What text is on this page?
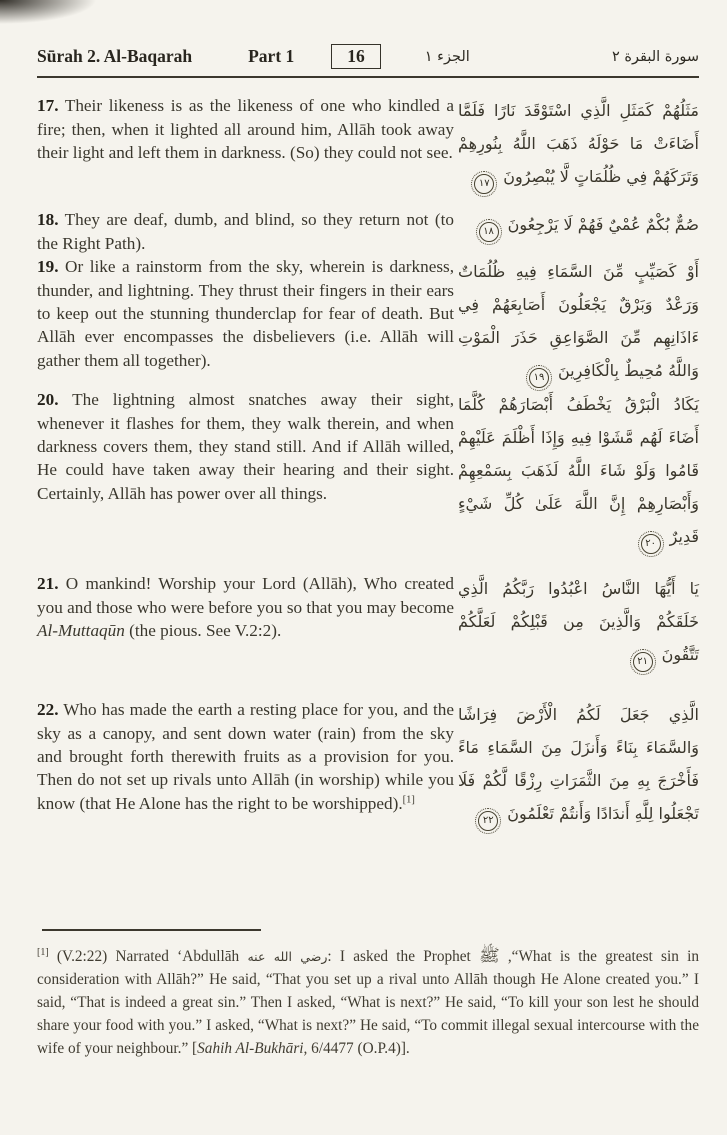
Sūrah 2. Al-Baqarah	Part 1	16	الجزء ١	سورة البقرة ٢
17. Their likeness is as the likeness of one who kindled a fire; then, when it lighted all around him, Allāh took away their light and left them in darkness. (So) they could not see.
مَثَلُهُمْ كَمَثَلِ الَّذِي اسْتَوْقَدَ نَارًا فَلَمَّا أَضَاءَتْ مَا حَوْلَهُ ذَهَبَ اللَّهُ بِنُورِهِمْ وَتَرَكَهُمْ فِي ظُلُمَاتٍ لَّا يُبْصِرُونَ
١٧
18. They are deaf, dumb, and blind, so they return not (to the Right Path).
صُمٌّ بُكْمٌ عُمْيٌ فَهُمْ لَا يَرْجِعُونَ
١٨
19. Or like a rainstorm from the sky, wherein is darkness, thunder, and lightning. They thrust their fingers in their ears to keep out the stunning thunderclap for fear of death. But Allāh ever encompasses the disbelievers (i.e. Allāh will gather them all together).
أَوْ كَصَيِّبٍ مِّنَ السَّمَاءِ فِيهِ ظُلُمَاتٌ وَرَعْدٌ وَبَرْقٌ يَجْعَلُونَ أَصَابِعَهُمْ فِي ءَاذَانِهِم مِّنَ الصَّوَاعِقِ حَذَرَ الْمَوْتِ وَاللَّهُ مُحِيطٌ بِالْكَافِرِينَ
١٩
20. The lightning almost snatches away their sight, whenever it flashes for them, they walk therein, and when darkness covers them, they stand still. And if Allāh willed, He could have taken away their hearing and their sight. Certainly, Allāh has power over all things.
يَكَادُ الْبَرْقُ يَخْطَفُ أَبْصَارَهُمْ كُلَّمَا أَضَاءَ لَهُم مَّشَوْا فِيهِ وَإِذَا أَظْلَمَ عَلَيْهِمْ قَامُوا وَلَوْ شَاءَ اللَّهُ لَذَهَبَ بِسَمْعِهِمْ وَأَبْصَارِهِمْ إِنَّ اللَّهَ عَلَىٰ كُلِّ شَيْءٍ قَدِيرٌ
٢٠
21. O mankind! Worship your Lord (Allāh), Who created you and those who were before you so that you may become Al-Muttaqūn (the pious. See V.2:2).
يَا أَيُّهَا النَّاسُ اعْبُدُوا رَبَّكُمُ الَّذِي خَلَقَكُمْ وَالَّذِينَ مِن قَبْلِكُمْ لَعَلَّكُمْ تَتَّقُونَ
٢١
22. Who has made the earth a resting place for you, and the sky as a canopy, and sent down water (rain) from the sky and brought forth therewith fruits as a provision for you. Then do not set up rivals unto Allāh (in worship) while you know (that He Alone has the right to be worshipped).[1]
الَّذِي جَعَلَ لَكُمُ الْأَرْضَ فِرَاشًا وَالسَّمَاءَ بِنَاءً وَأَنزَلَ مِنَ السَّمَاءِ مَاءً فَأَخْرَجَ بِهِ مِنَ الثَّمَرَاتِ رِزْقًا لَّكُمْ فَلَا تَجْعَلُوا لِلَّهِ أَندَادًا وَأَنتُمْ تَعْلَمُونَ
٢٢

[1] (V.2:22) Narrated ‘Abdullāh رضي الله عنه: I asked the Prophet ﷺ ,“What is the greatest sin in consideration with Allāh?” He said, “That you set up a rival unto Allāh though He Alone created you.” I said, “That is indeed a great sin.” Then I asked, “What is next?” He said, “To kill your son lest he should share your food with you.” I asked, “What is next?” He said, “To commit illegal sexual intercourse with the wife of your neighbour.” [Sahih Al-Bukhāri, 6/4477 (O.P.4)].
